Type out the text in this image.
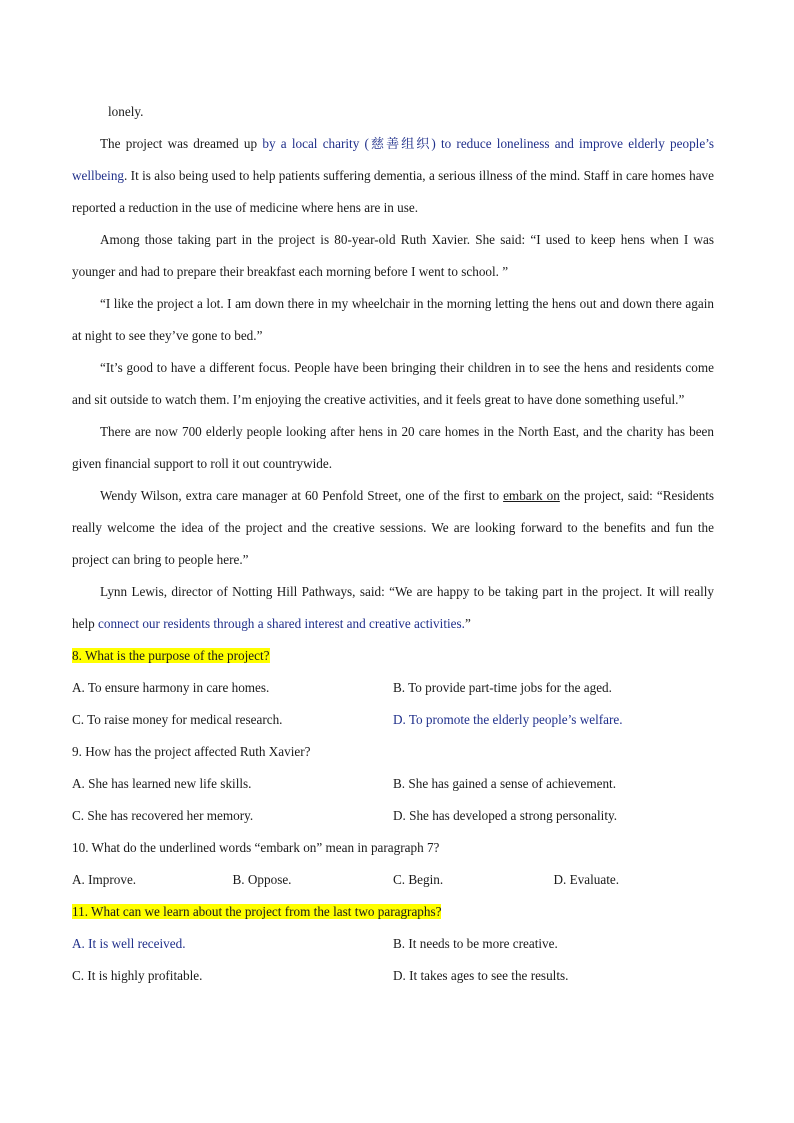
lonely.

The project was dreamed up by a local charity (慈善组织) to reduce loneliness and improve elderly people’s wellbeing. It is also being used to help patients suffering dementia, a serious illness of the mind. Staff in care homes have reported a reduction in the use of medicine where hens are in use.

Among those taking part in the project is 80-year-old Ruth Xavier. She said: “I used to keep hens when I was younger and had to prepare their breakfast each morning before I went to school. ”

“I like the project a lot. I am down there in my wheelchair in the morning letting the hens out and down there again at night to see they’ve gone to bed.”

“It’s good to have a different focus. People have been bringing their children in to see the hens and residents come and sit outside to watch them. I’m enjoying the creative activities, and it feels great to have done something useful.”

There are now 700 elderly people looking after hens in 20 care homes in the North East, and the charity has been given financial support to roll it out countrywide.

Wendy Wilson, extra care manager at 60 Penfold Street, one of the first to embark on the project, said: “Residents really welcome the idea of the project and the creative sessions. We are looking forward to the benefits and fun the project can bring to people here.”

Lynn Lewis, director of Notting Hill Pathways, said: “We are happy to be taking part in the project. It will really help connect our residents through a shared interest and creative activities.”

8. What is the purpose of the project?
A. To ensure harmony in care homes.	B. To provide part-time jobs for the aged.
C. To raise money for medical research.	D. To promote the elderly people’s welfare.
9. How has the project affected Ruth Xavier?
A. She has learned new life skills.	B. She has gained a sense of achievement.
C. She has recovered her memory.	D. She has developed a strong personality.
10. What do the underlined words “embark on” mean in paragraph 7?
A. Improve.	B. Oppose.	C. Begin.	D. Evaluate.
11. What can we learn about the project from the last two paragraphs?
A. It is well received.	B. It needs to be more creative.
C. It is highly profitable.	D. It takes ages to see the results.
